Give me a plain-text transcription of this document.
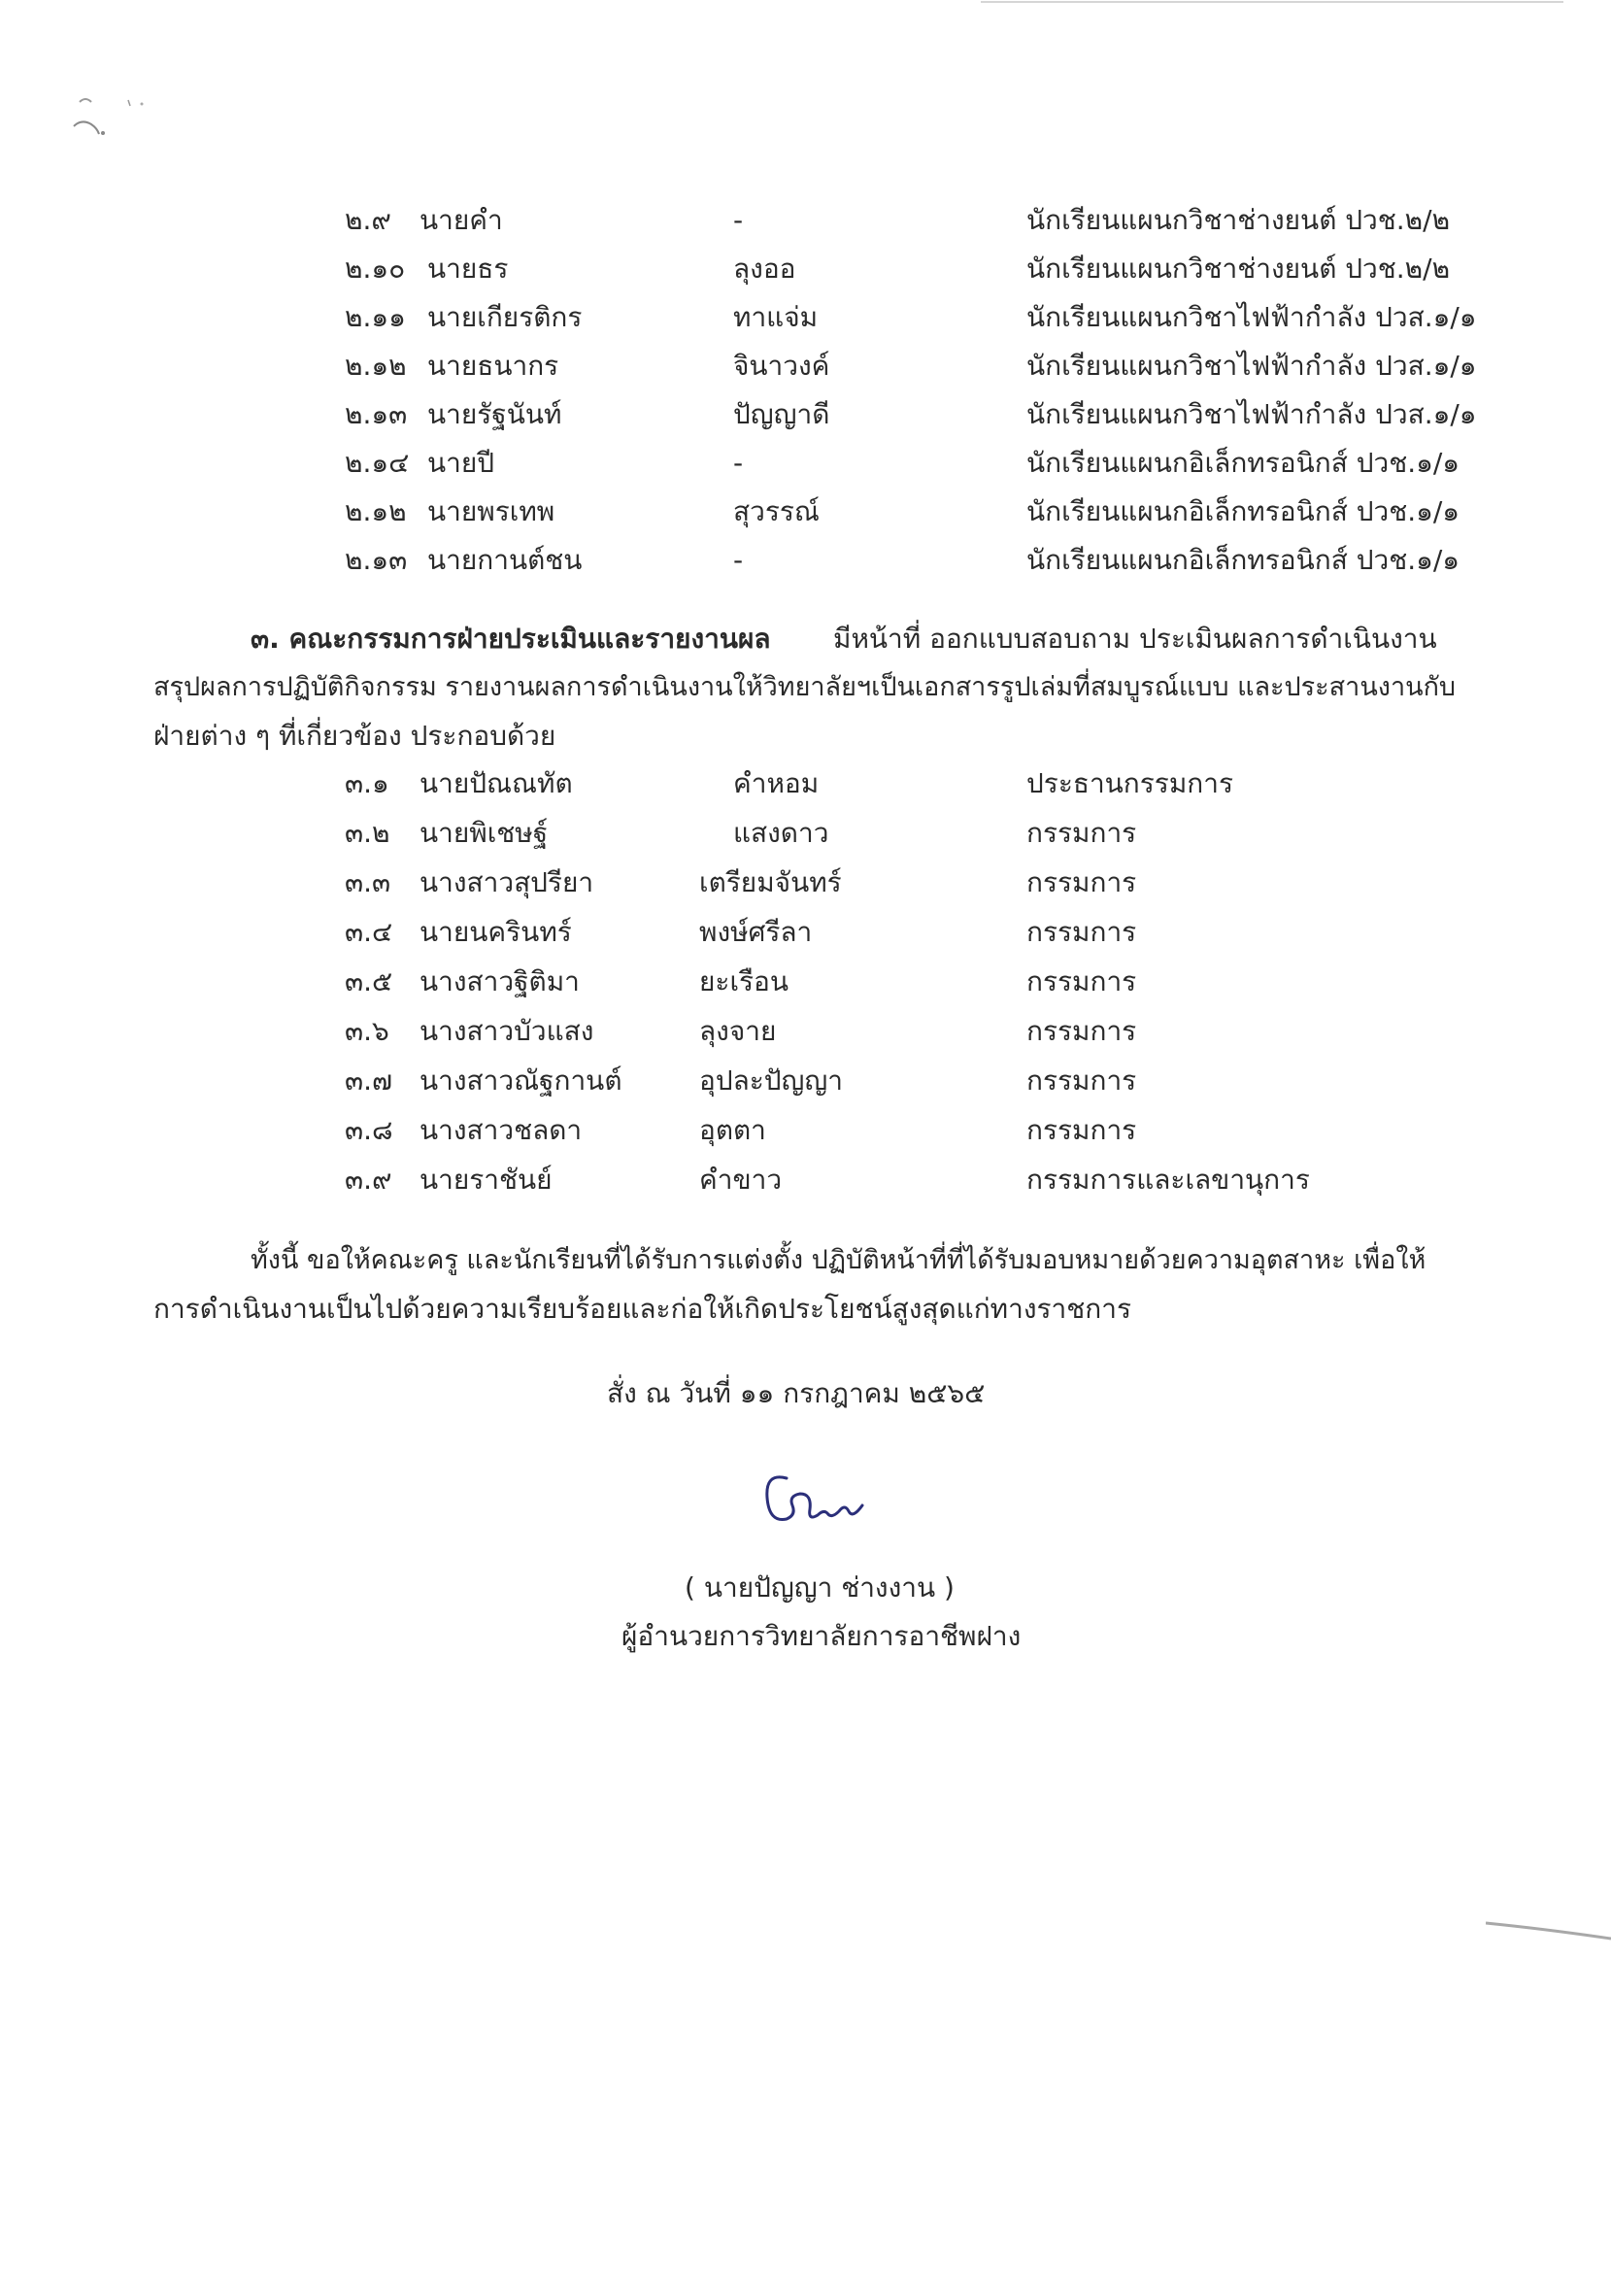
๒.๙ นายคำ	-	นักเรียนแผนกวิชาช่างยนต์ ปวช.๒/๒
๒.๑๐ นายธร	ลุงออ	นักเรียนแผนกวิชาช่างยนต์ ปวช.๒/๒
๒.๑๑ นายเกียรติกร	ทาแจ่ม	นักเรียนแผนกวิชาไฟฟ้ากำลัง ปวส.๑/๑
๒.๑๒ นายธนากร	จินาวงค์	นักเรียนแผนกวิชาไฟฟ้ากำลัง ปวส.๑/๑
๒.๑๓ นายรัฐนันท์	ปัญญาดี	นักเรียนแผนกวิชาไฟฟ้ากำลัง ปวส.๑/๑
๒.๑๔ นายปี	-	นักเรียนแผนกอิเล็กทรอนิกส์ ปวช.๑/๑
๒.๑๒ นายพรเทพ	สุวรรณ์	นักเรียนแผนกอิเล็กทรอนิกส์ ปวช.๑/๑
๒.๑๓ นายกานต์ชน	-	นักเรียนแผนกอิเล็กทรอนิกส์ ปวช.๑/๑
๓. คณะกรรมการฝ่ายประเมินและรายงานผล มีหน้าที่ ออกแบบสอบถาม ประเมินผลการดำเนินงาน
สรุปผลการปฏิบัติกิจกรรม รายงานผลการดำเนินงานให้วิทยาลัยฯเป็นเอกสารรูปเล่มที่สมบูรณ์แบบ และประสานงานกับ
ฝ่ายต่าง ๆ ที่เกี่ยวข้อง ประกอบด้วย
๓.๑ นายปัณณทัต	คำหอม	ประธานกรรมการ
๓.๒ นายพิเชษฐ์	แสงดาว	กรรมการ
๓.๓ นางสาวสุปรียา	เตรียมจันทร์	กรรมการ
๓.๔ นายนครินทร์	พงษ์ศรีลา	กรรมการ
๓.๕ นางสาวฐิติมา	ยะเรือน	กรรมการ
๓.๖ นางสาวบัวแสง	ลุงจาย	กรรมการ
๓.๗ นางสาวณัฐกานต์	อุปละปัญญา	กรรมการ
๓.๘ นางสาวชลดา	อุตตา	กรรมการ
๓.๙ นายราชันย์	คำขาว	กรรมการและเลขานุการ
ทั้งนี้ ขอให้คณะครู และนักเรียนที่ได้รับการแต่งตั้ง ปฏิบัติหน้าที่ที่ได้รับมอบหมายด้วยความอุตสาหะ เพื่อให้
การดำเนินงานเป็นไปด้วยความเรียบร้อยและก่อให้เกิดประโยชน์สูงสุดแก่ทางราชการ
สั่ง ณ วันที่ ๑๑ กรกฎาคม ๒๕๖๕
( นายปัญญา ช่างงาน )
ผู้อำนวยการวิทยาลัยการอาชีพฝาง
